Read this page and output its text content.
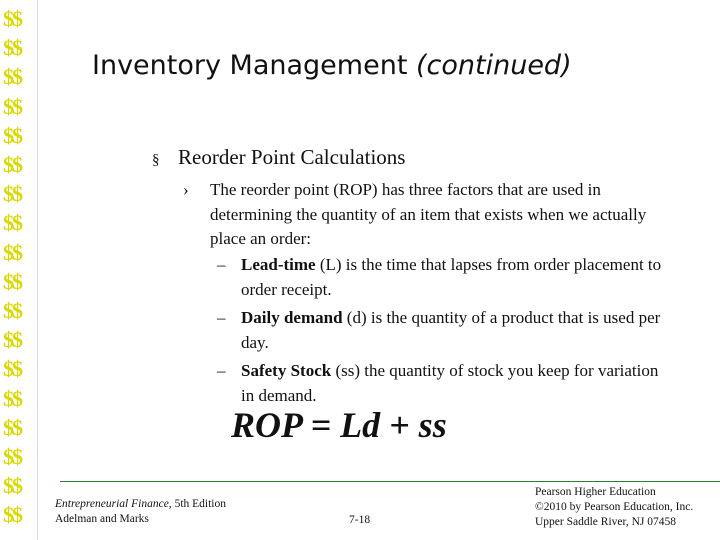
$$
$$
$$
$$
$$
$$
$$
$$
$$
$$
$$
$$
$$
$$
$$
$$
$$
$$
Inventory Management (continued)
§ Reorder Point Calculations
› The reorder point (ROP) has three factors that are used in
determining the quantity of an item that exists when we actually
place an order:
– Lead-time (L) is the time that lapses from order placement to
order receipt.
– Daily demand (d) is the quantity of a product that is used per
day.
– Safety Stock (ss) the quantity of stock you keep for variation
in demand.
ROP = Ld + ss
Entrepreneurial Finance, 5th Edition
Adelman and Marks	7-18
Pearson Higher Education
©2010 by Pearson Education, Inc.
Upper Saddle River, NJ 07458
